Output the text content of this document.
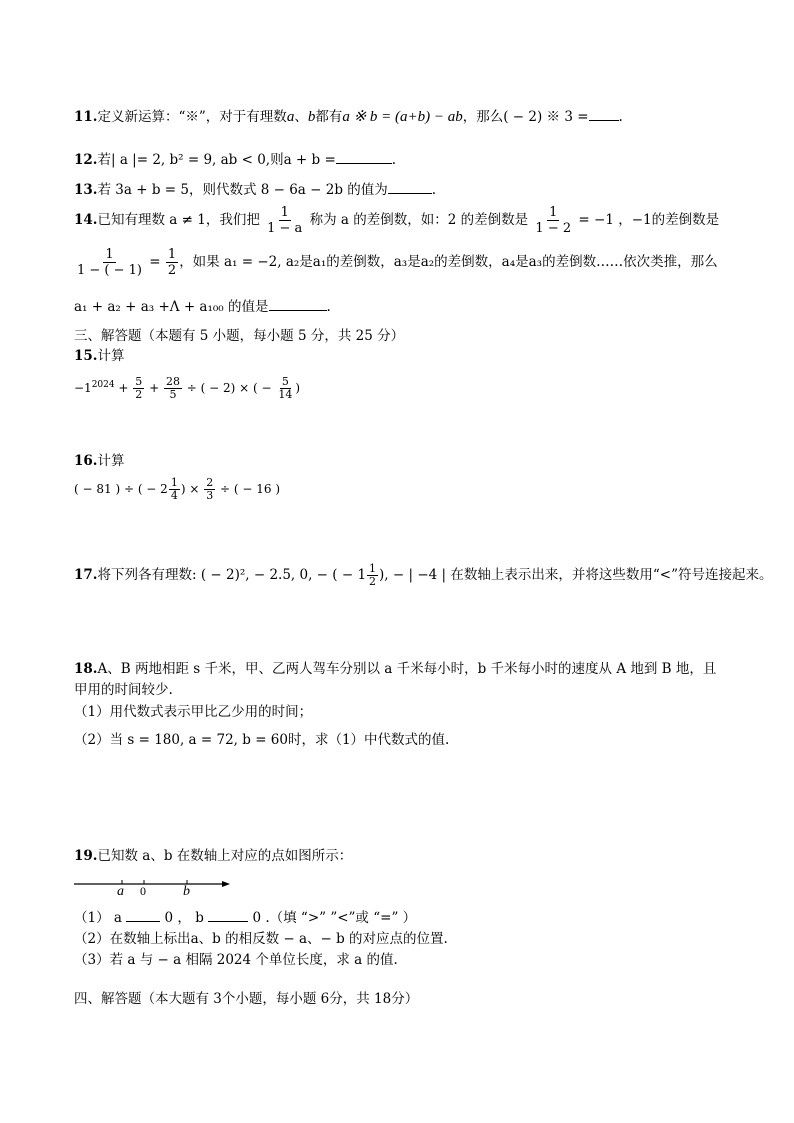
11.定义新运算：“※”，对于有理数a、b都有a ※ b = (a+b) − ab，那么( − 2) ※ 3 = .
12.若| a |= 2, b² = 9, ab < 0,则a + b =	.
13.若 3a + b = 5，则代数式 8 − 6a − 2b 的值为	.
14.已知有理数 a ≠ 1，我们把 $\frac{1}{1 - a}$ 称为 a 的差倒数，如：2 的差倒数是 $\frac{1}{1 - 2} = -1$ ，−1的差倒数是
$\frac{1}{1 - ( - 1)} = \frac{1}{2}$ ，如果 a₁ = −2, a₂是a₁的差倒数，a₃是a₂的差倒数，a₄是a₃的差倒数……依次类推，那么
a₁ + a₂ + a₃ +Λ + a₁₀₀ 的值是	.
三、解答题（本题有 5 小题，每小题 5 分，共 25 分）
15.计算
$-1^{2024} + \frac{5}{2} + \frac{28}{5}$ ÷ ( − 2) × ( − $\frac{5}{14}$ )
16.计算
( − 81 ) ÷ ( − $2 \frac{1}{4}$ ) × $\frac{2}{3}$ ÷ ( − 16 )
17.将下列各有理数: ( − 2)², − 2.5, 0, − ( − $1 \frac{1}{2}$ ), − | −4 | 在数轴上表示出来，并将这些数用“<”符号连接起来。
18.A、B 两地相距 s 千米，甲、乙两人驾车分别以 a 千米每小时，b 千米每小时的速度从 A 地到 B 地，且
甲用的时间较少.
（1）用代数式表示甲比乙少用的时间；
（2）当 s = 180, a = 72, b = 60时，求（1）中代数式的值.
19.已知数 a、b 在数轴上对应的点如图所示：
a 0	b
（1） a	0 ， b	0 .（填 “>” ”<”或 “=” ）
（2）在数轴上标出a、b 的相反数 − a、− b 的对应点的位置.
（3）若 a 与 − a 相隔 2024 个单位长度，求 a 的值.
四、解答题（本大题有 3个小题，每小题 6分，共 18分）
